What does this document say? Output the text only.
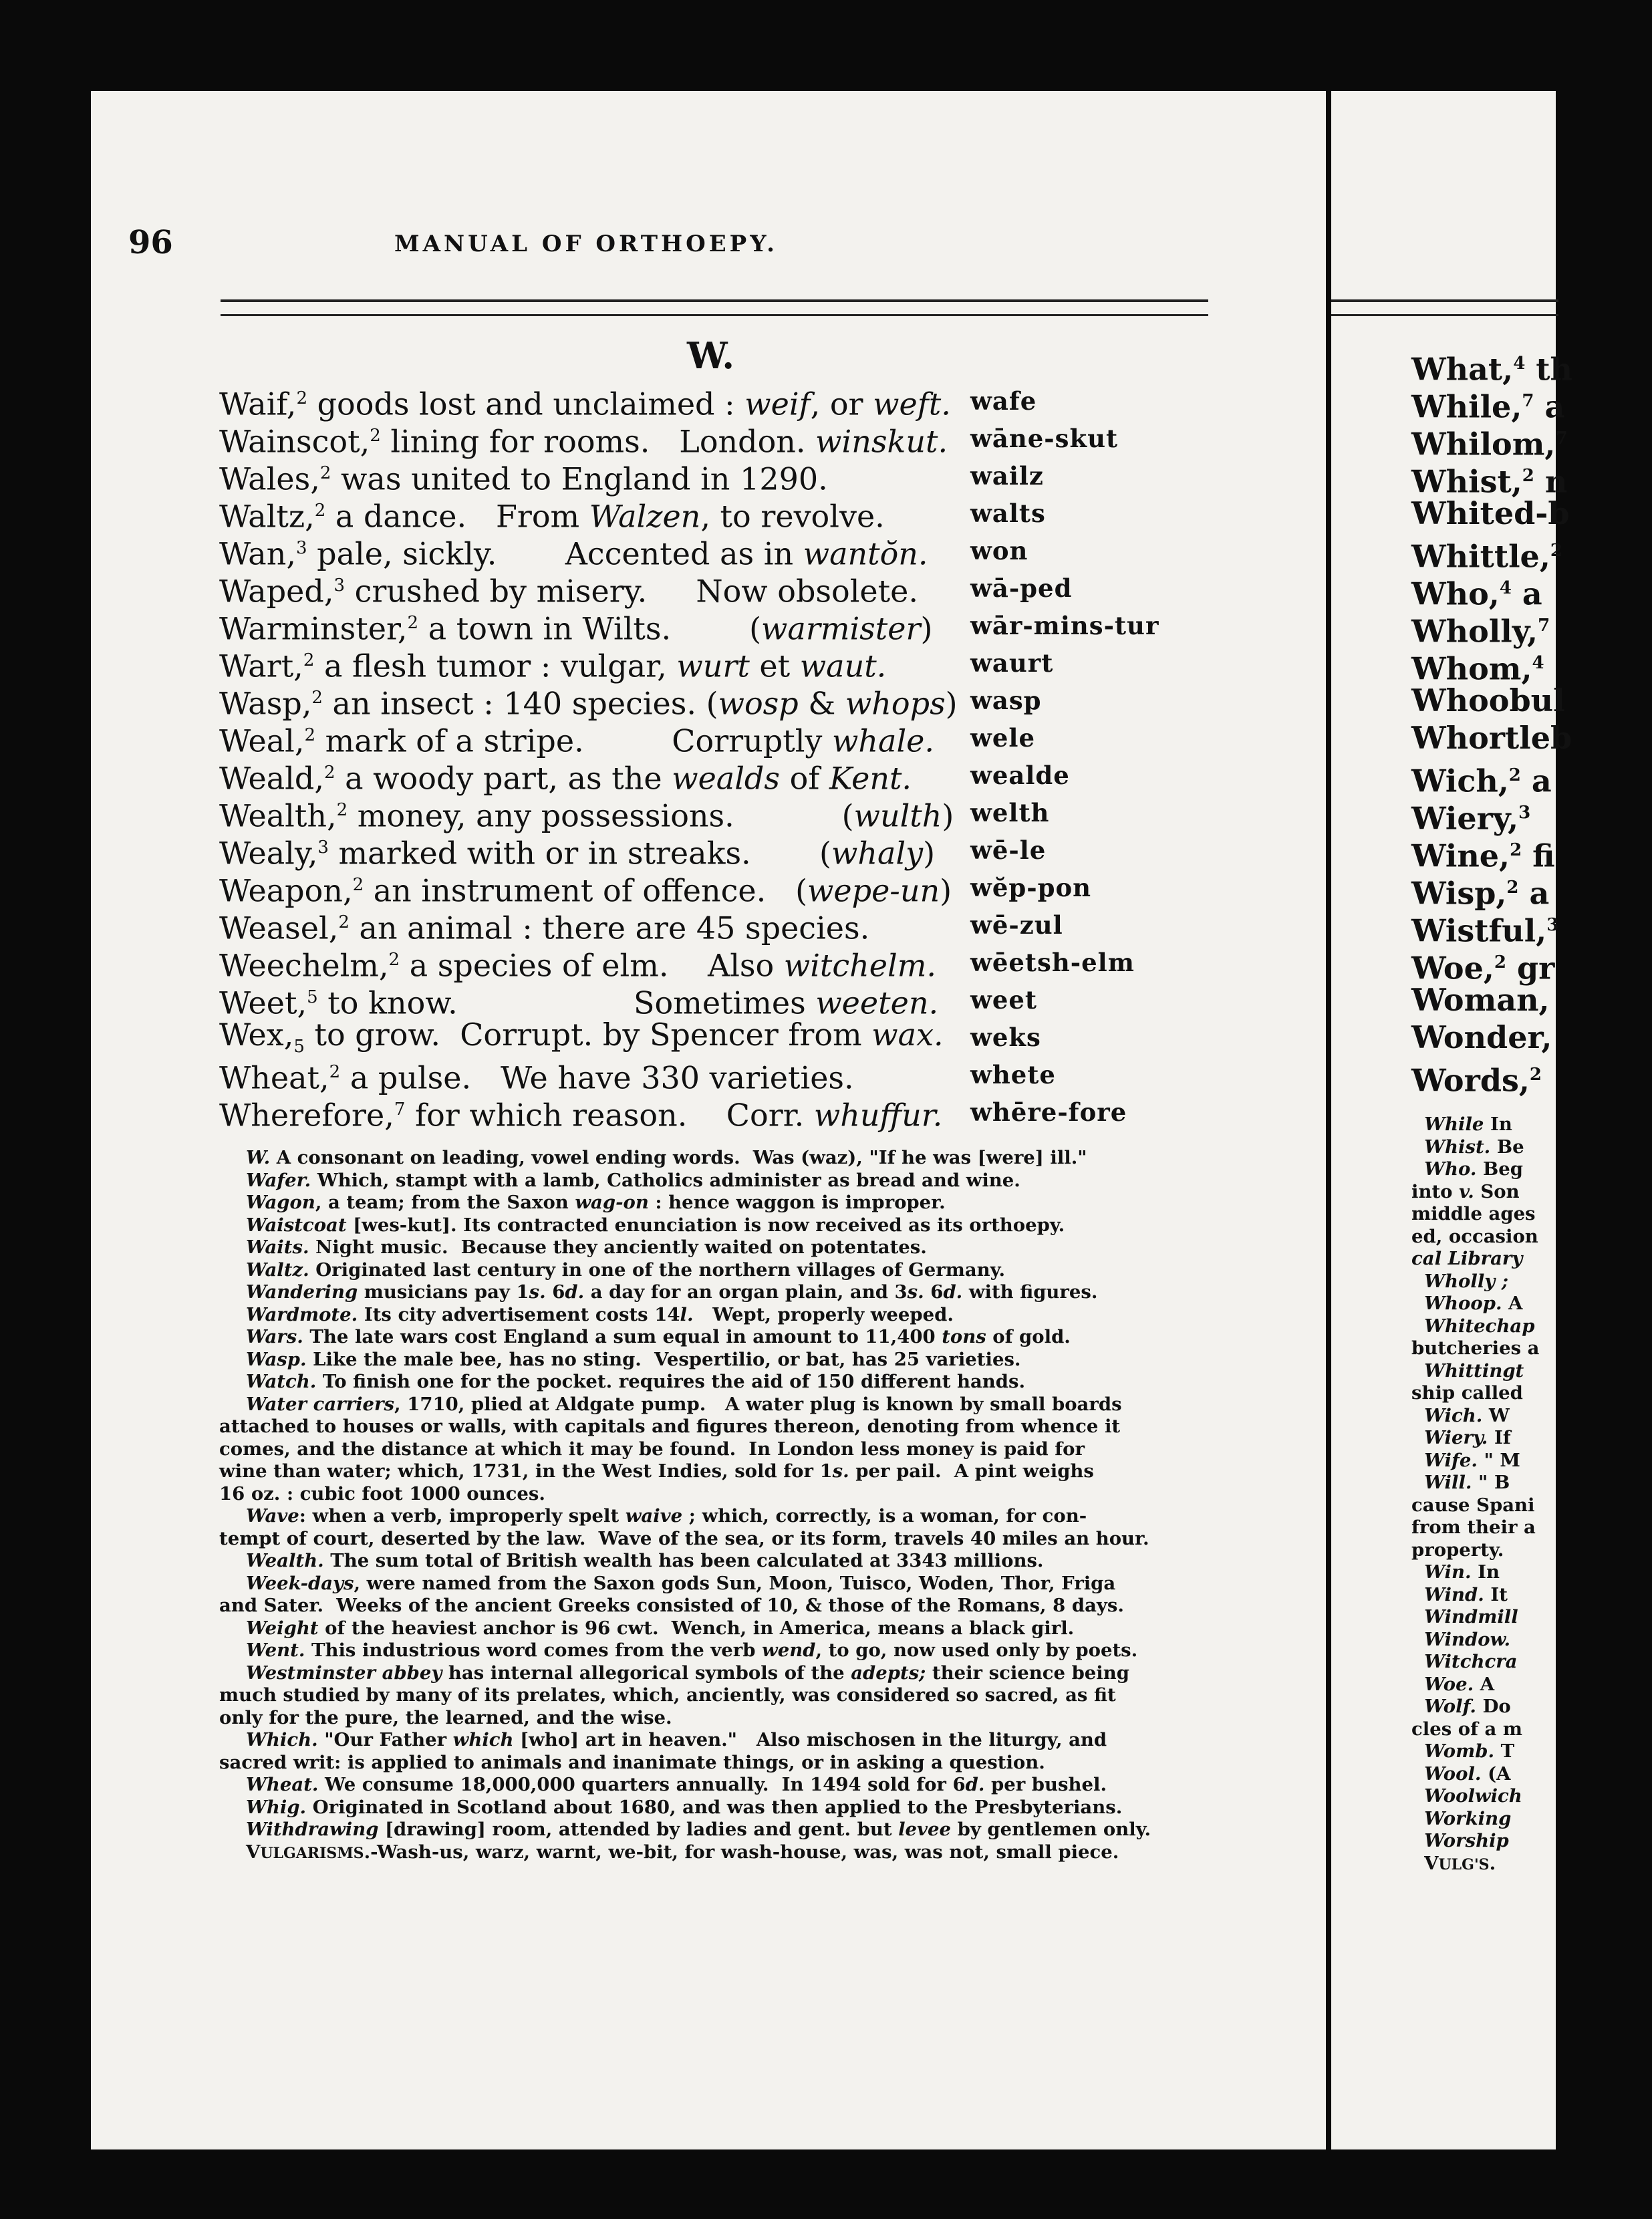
What,$^4$ th
While,$^7$ a
Whilom,$^7$
Whist,$^2$ n
Whited-b
Whittle,$^2$
Who,$^4$ a
Wholly,$^7$
Whom,$^4$
Whoobul
Whortleb
Wich,$^2$ a
Wiery,$^3$
Wine,$^2$ fi
Wisp,$^2$ a
Wistful,$^3$
Woe,$^2$ gr
Woman,
Wonder,
Words,$^2$

While In

Whist. Be

Who. Beg

into v. Son

middle ages

ed, occasion

cal Library

Wholly ;

Whoop. A

Whitechap

butcheries a

Whittingt

ship called

Wich. W

Wiery. If

Wife. " M

Will. " B

cause Spani

from their a

property.

Win. In

Wind. It

Windmill

Window.

Witchcra

Woe. A

Wolf. Do

cles of a m

Womb. T

Wool. (A

Woolwich

Working

Worship

VULG'S.

96	MANUAL OF ORTHOEPY.
W.
Waif,$^2$ goods lost and unclaimed : weif, or weft. wafe
Wainscot,$^2$ lining for rooms.   London. winskut. wāne-skut
Wales,$^2$ was united to England in 1290.	wailz
Waltz,$^2$ a dance.   From Walzen, to revolve.	walts
Wan,$^3$ pale, sickly.       Accented as in wantŏn. won
Waped,$^3$ crushed by misery.     Now obsolete. wā-ped
Warminster,$^2$ a town in Wilts.        (warmister) wār-mins-tur
Wart,$^2$ a flesh tumor : vulgar, wurt et waut.	waurt
Wasp,$^2$ an insect : 140 species. (wosp & whops) wasp
Weal,$^2$ mark of a stripe.         Corruptly whale. wele
Weald,$^2$ a woody part, as the wealds of Kent. wealde
Wealth,$^2$ money, any possessions.           (wulth) welth
Wealy,$^3$ marked with or in streaks.       (whaly) wē-le
Weapon,$^2$ an instrument of offence.   (wepe-un) wĕp-pon
Weasel,$^2$ an animal : there are 45 species.	wē-zul
Weechelm,$^2$ a species of elm.    Also witchelm. wēetsh-elm
Weet,$^5$ to know.                  Sometimes weeten. weet
$Wex,_5$ to grow.  Corrupt. by Spencer from wax. weks
Wheat,$^2$ a pulse.   We have 330 varieties.	whete
Wherefore,$^7$ for which reason.    Corr. whuffur. whēre-fore

W. A consonant on leading, vowel ending words.  Was (waz), "If he was [were] ill."

Wafer. Which, stampt with a lamb, Catholics administer as bread and wine.

Wagon, a team; from the Saxon wag-on : hence waggon is improper.

Waistcoat [wes-kut]. Its contracted enunciation is now received as its orthoepy.

Waits. Night music.  Because they anciently waited on potentates.

Waltz. Originated last century in one of the northern villages of Germany.

Wandering musicians pay 1s. 6d. a day for an organ plain, and 3s. 6d. with figures.

Wardmote. Its city advertisement costs 14l.   Wept, properly weeped.

Wars. The late wars cost England a sum equal in amount to 11,400 tons of gold.

Wasp. Like the male bee, has no sting.  Vespertilio, or bat, has 25 varieties.

Watch. To finish one for the pocket. requires the aid of 150 different hands.

Water carriers, 1710, plied at Aldgate pump.   A water plug is known by small boards

attached to houses or walls, with capitals and figures thereon, denoting from whence it

comes, and the distance at which it may be found.  In London less money is paid for

wine than water; which, 1731, in the West Indies, sold for 1s. per pail.  A pint weighs

16 oz. : cubic foot 1000 ounces.

Wave: when a verb, improperly spelt waive ; which, correctly, is a woman, for con-

tempt of court, deserted by the law.  Wave of the sea, or its form, travels 40 miles an hour.

Wealth. The sum total of British wealth has been calculated at 3343 millions.

Week-days, were named from the Saxon gods Sun, Moon, Tuisco, Woden, Thor, Friga

and Sater.  Weeks of the ancient Greeks consisted of 10, & those of the Romans, 8 days.

Weight of the heaviest anchor is 96 cwt.  Wench, in America, means a black girl.

Went. This industrious word comes from the verb wend, to go, now used only by poets.

Westminster abbey has internal allegorical symbols of the adepts; their science being

much studied by many of its prelates, which, anciently, was considered so sacred, as fit

only for the pure, the learned, and the wise.

Which. "Our Father which [who] art in heaven."   Also mischosen in the liturgy, and

sacred writ: is applied to animals and inanimate things, or in asking a question.

Wheat. We consume 18,000,000 quarters annually.  In 1494 sold for 6d. per bushel.

Whig. Originated in Scotland about 1680, and was then applied to the Presbyterians.

Withdrawing [drawing] room, attended by ladies and gent. but levee by gentlemen only.

VULGARISMS.-Wash-us, warz, warnt, we-bit, for wash-house, was, was not, small piece.
